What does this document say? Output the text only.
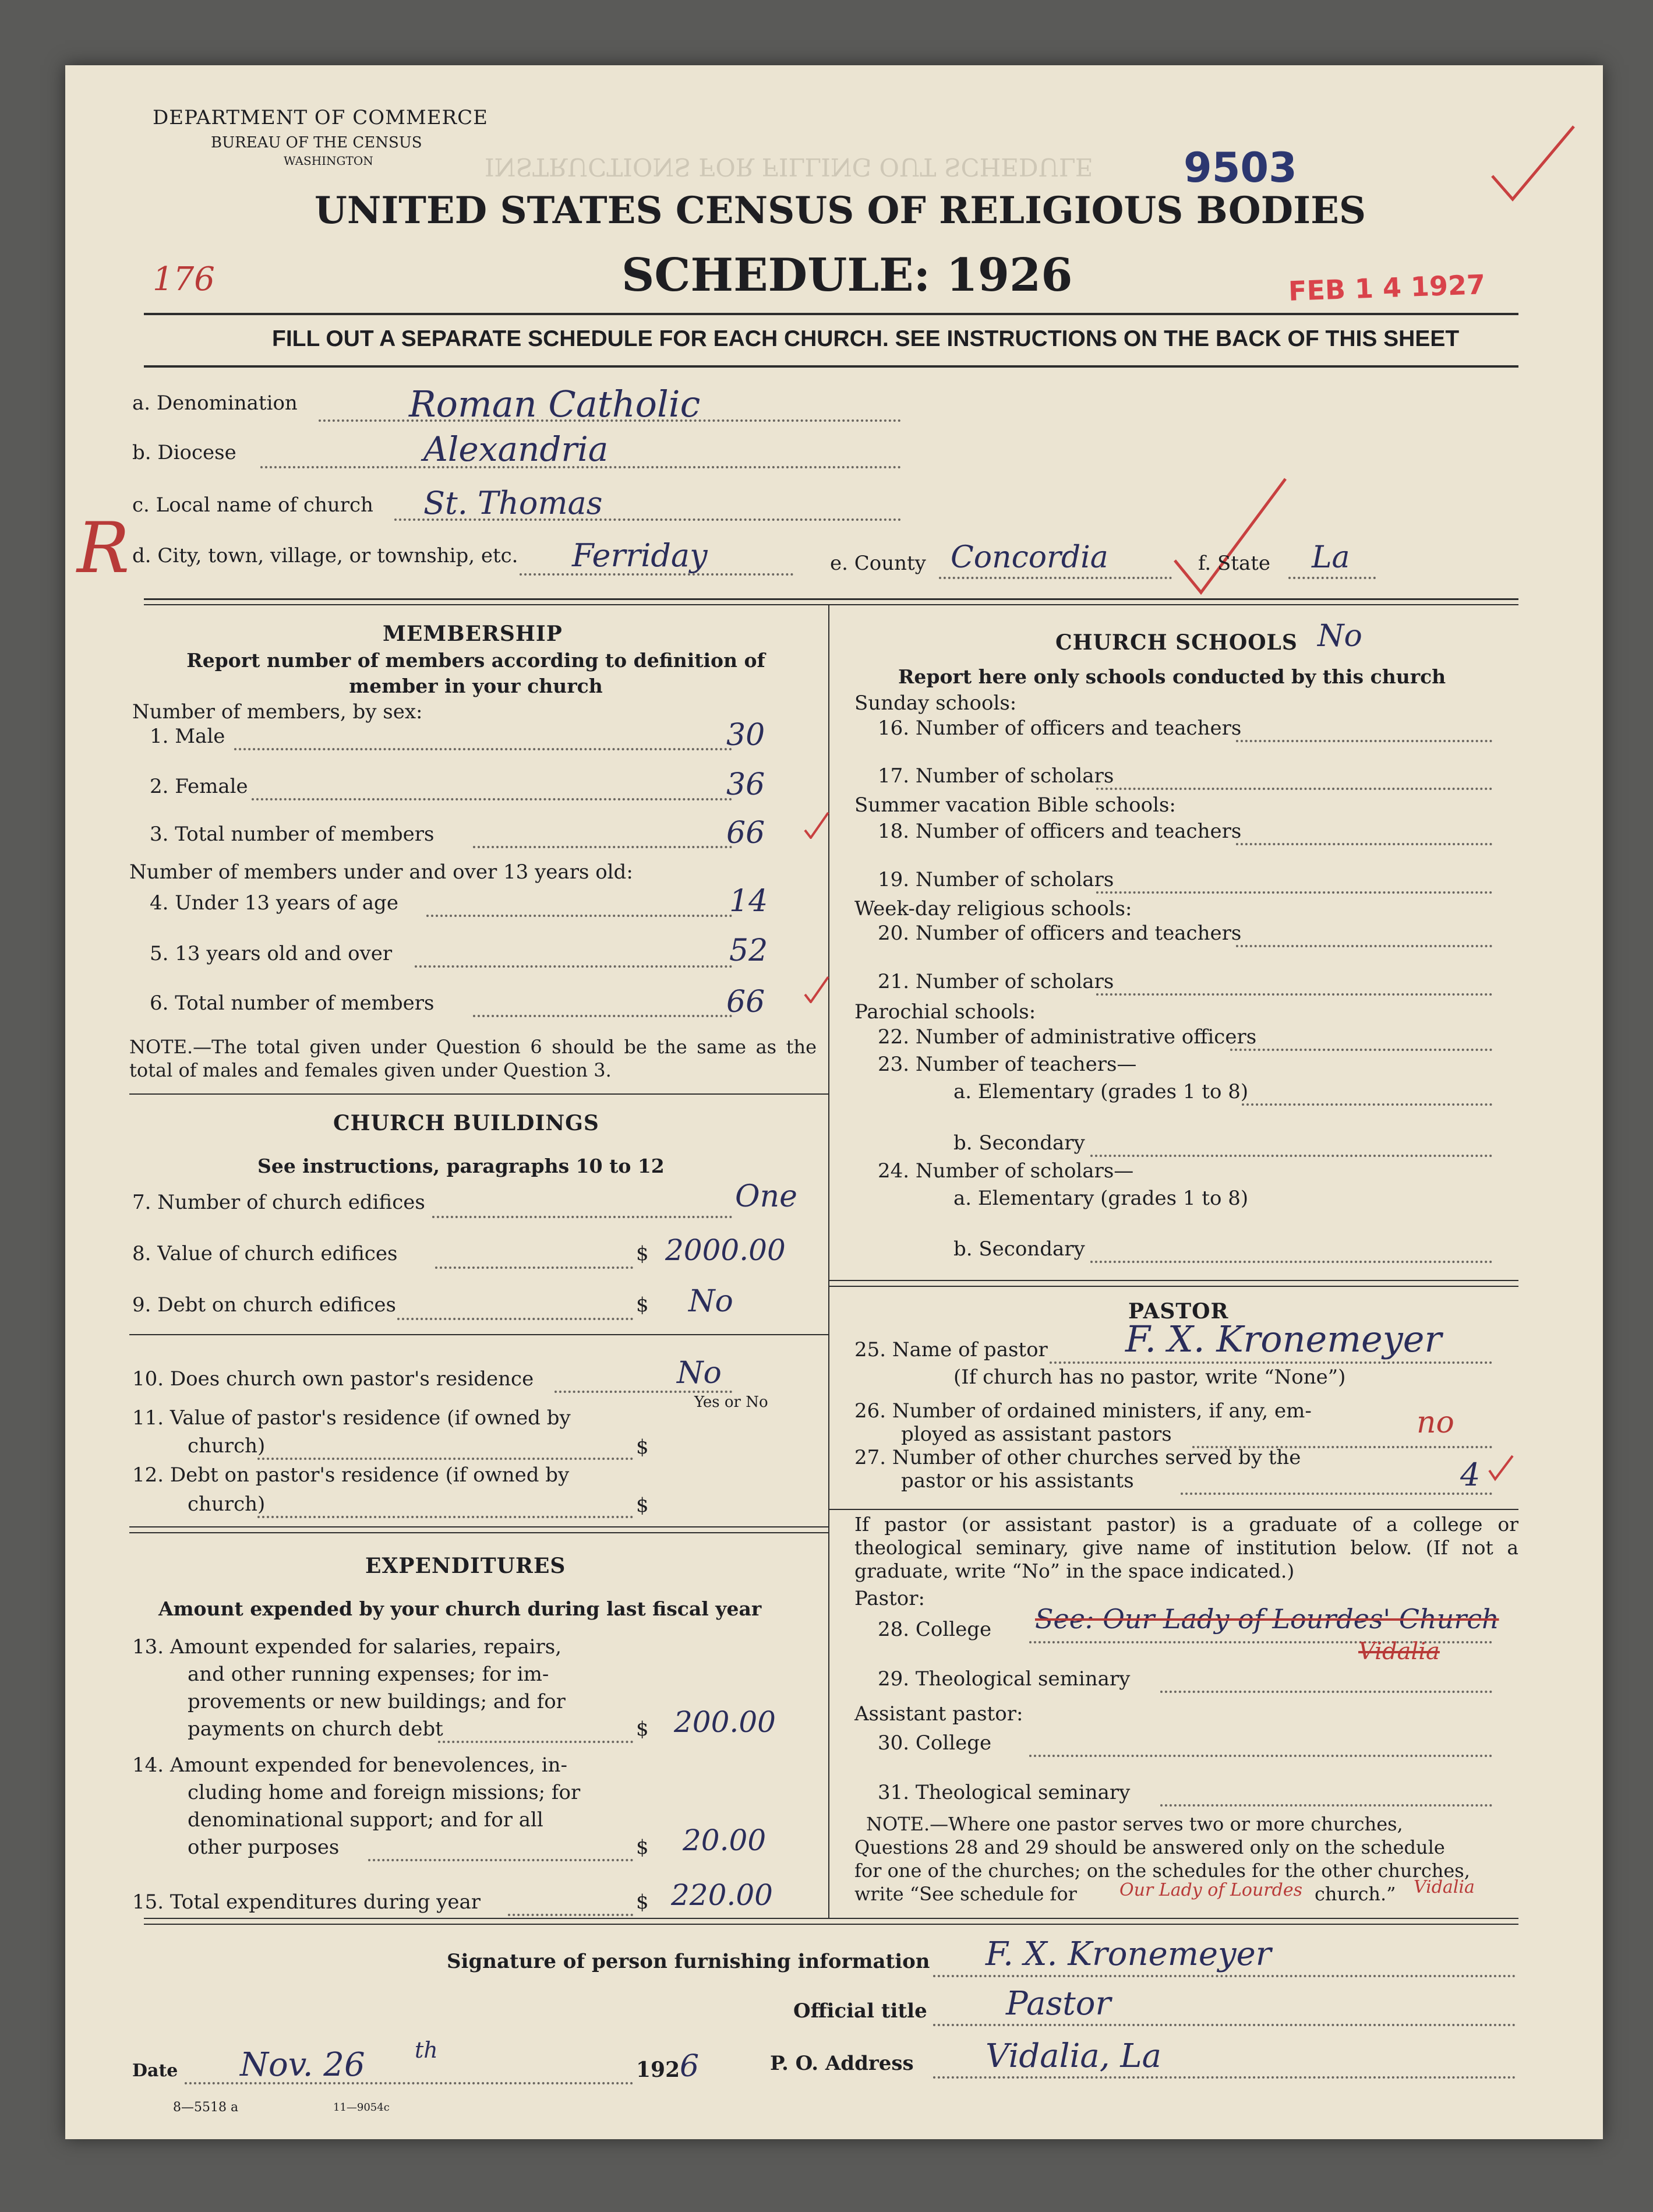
DEPARTMENT OF COMMERCE
BUREAU OF THE CENSUS
WASHINGTON	INSTRUCTIONS FOR FILLING OUT SCHEDULE 9503
UNITED STATES CENSUS OF RELIGIOUS BODIES
SCHEDULE: 1926
176	FEB 1 4 1927
FILL OUT A SEPARATE SCHEDULE FOR EACH CHURCH. SEE INSTRUCTIONS ON THE BACK OF THIS SHEET
a. Denomination	Roman Catholic
b. Diocese	Alexandria
c. Local name of church St. Thomas
R d. City, town, village, or township, etc. Ferriday	e. County Concordia	f. State La
MEMBERSHIP
Report number of members according to definition of member in your church
Number of members, by sex:
1. Male	30
2. Female	36
3. Total number of members	66
Number of members under and over 13 years old:
4. Under 13 years of age	14
5. 13 years old and over	52
6. Total number of members	66
NOTE.—The total given under Question 6 should be the same as the total of males and females given under Question 3.
CHURCH BUILDINGS
See instructions, paragraphs 10 to 12
7. Number of church edifices	One
8. Value of church edifices	$ 2000.00
9. Debt on church edifices	$ No
10. Does church own pastor's residence	No
Yes or No
11. Value of pastor's residence (if owned by
church)	$
12. Debt on pastor's residence (if owned by
church)	$
EXPENDITURES
Amount expended by your church during last fiscal year
13. Amount expended for salaries, repairs,
and other running expenses; for im-
provements or new buildings; and for
payments on church debt	$ 200.00
14. Amount expended for benevolences, in-
cluding home and foreign missions; for
denominational support; and for all
other purposes	$ 20.00
15. Total expenditures during year	$ 220.00
CHURCH SCHOOLS No
Report here only schools conducted by this church
Sunday schools:
16. Number of officers and teachers
17. Number of scholars
Summer vacation Bible schools:
18. Number of officers and teachers
19. Number of scholars
Week-day religious schools:
20. Number of officers and teachers
21. Number of scholars
Parochial schools:
22. Number of administrative officers
23. Number of teachers—
a. Elementary (grades 1 to 8)
b. Secondary
24. Number of scholars—
a. Elementary (grades 1 to 8)
b. Secondary
PASTOR
25. Name of pastor F. X. Kronemeyer
(If church has no pastor, write “None”)
26. Number of ordained ministers, if any, em-
ployed as assistant pastors	no
27. Number of other churches served by the
pastor or his assistants	4
If pastor (or assistant pastor) is a graduate of a college or theological seminary, give name of institution below. (If not a graduate, write “No” in the space indicated.)
Pastor:
28. College See: Our Lady of Lourdes' Church
Vidalia
29. Theological seminary
Assistant pastor:
30. College
31. Theological seminary
NOTE.—Where one pastor serves two or more churches,
Questions 28 and 29 should be answered only on the schedule
for one of the churches; on the schedules for the other churches,
write “See schedule for Our Lady of Lourdes church.” Vidalia
Signature of person furnishing information F. X. Kronemeyer
Official title Pastor
Date Nov. 26 th
192 6	P. O. Address Vidalia, La
8—5518 a	11—9054c
